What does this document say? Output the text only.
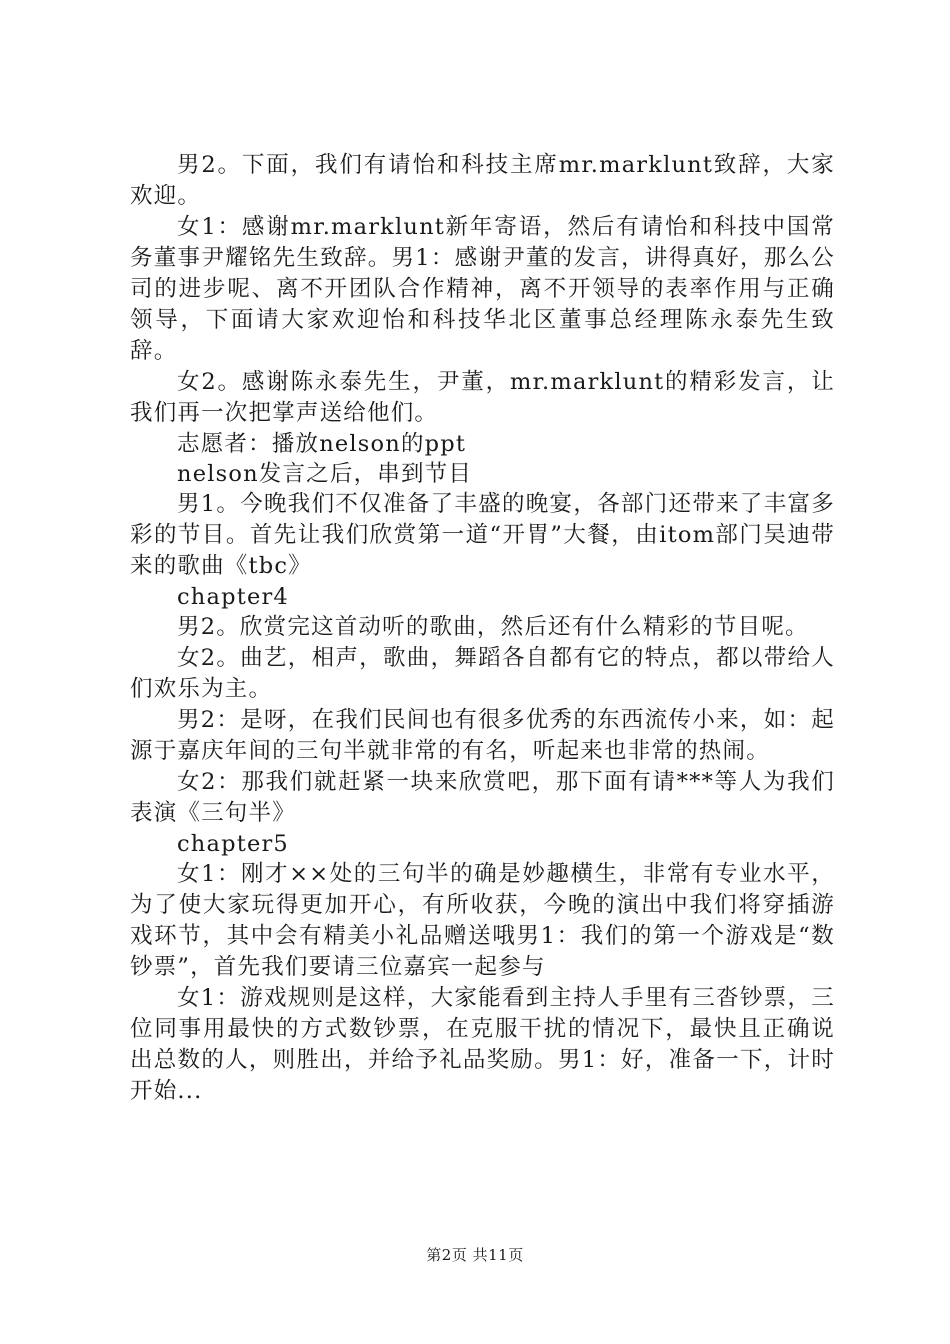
男2。下面，我们有请怡和科技主席mr.marklunt致辞，大家欢迎。

女1：感谢mr.marklunt新年寄语，然后有请怡和科技中国常务董事尹耀铭先生致辞。男1：感谢尹董的发言，讲得真好，那么公司的进步呢、离不开团队合作精神，离不开领导的表率作用与正确领导，下面请大家欢迎怡和科技华北区董事总经理陈永泰先生致辞。

女2。感谢陈永泰先生，尹董，mr.marklunt的精彩发言，让我们再一次把掌声送给他们。

志愿者：播放nelson的ppt

nelson发言之后，串到节目

男1。今晚我们不仅准备了丰盛的晚宴，各部门还带来了丰富多彩的节目。首先让我们欣赏第一道“开胃”大餐，由itom部门吴迪带来的歌曲《tbc》

chapter4

男2。欣赏完这首动听的歌曲，然后还有什么精彩的节目呢。

女2。曲艺，相声，歌曲，舞蹈各自都有它的特点，都以带给人们欢乐为主。

男2：是呀，在我们民间也有很多优秀的东西流传小来，如：起源于嘉庆年间的三句半就非常的有名，听起来也非常的热闹。

女2：那我们就赶紧一块来欣赏吧，那下面有请***等人为我们表演《三句半》

chapter5

女1：刚才××处的三句半的确是妙趣横生，非常有专业水平，为了使大家玩得更加开心，有所收获，今晚的演出中我们将穿插游戏环节，其中会有精美小礼品赠送哦男1：我们的第一个游戏是“数钞票”，首先我们要请三位嘉宾一起参与

女1：游戏规则是这样，大家能看到主持人手里有三沓钞票，三位同事用最快的方式数钞票，在克服干扰的情况下，最快且正确说出总数的人，则胜出，并给予礼品奖励。男1：好，准备一下，计时开始...

第2页 共11页
